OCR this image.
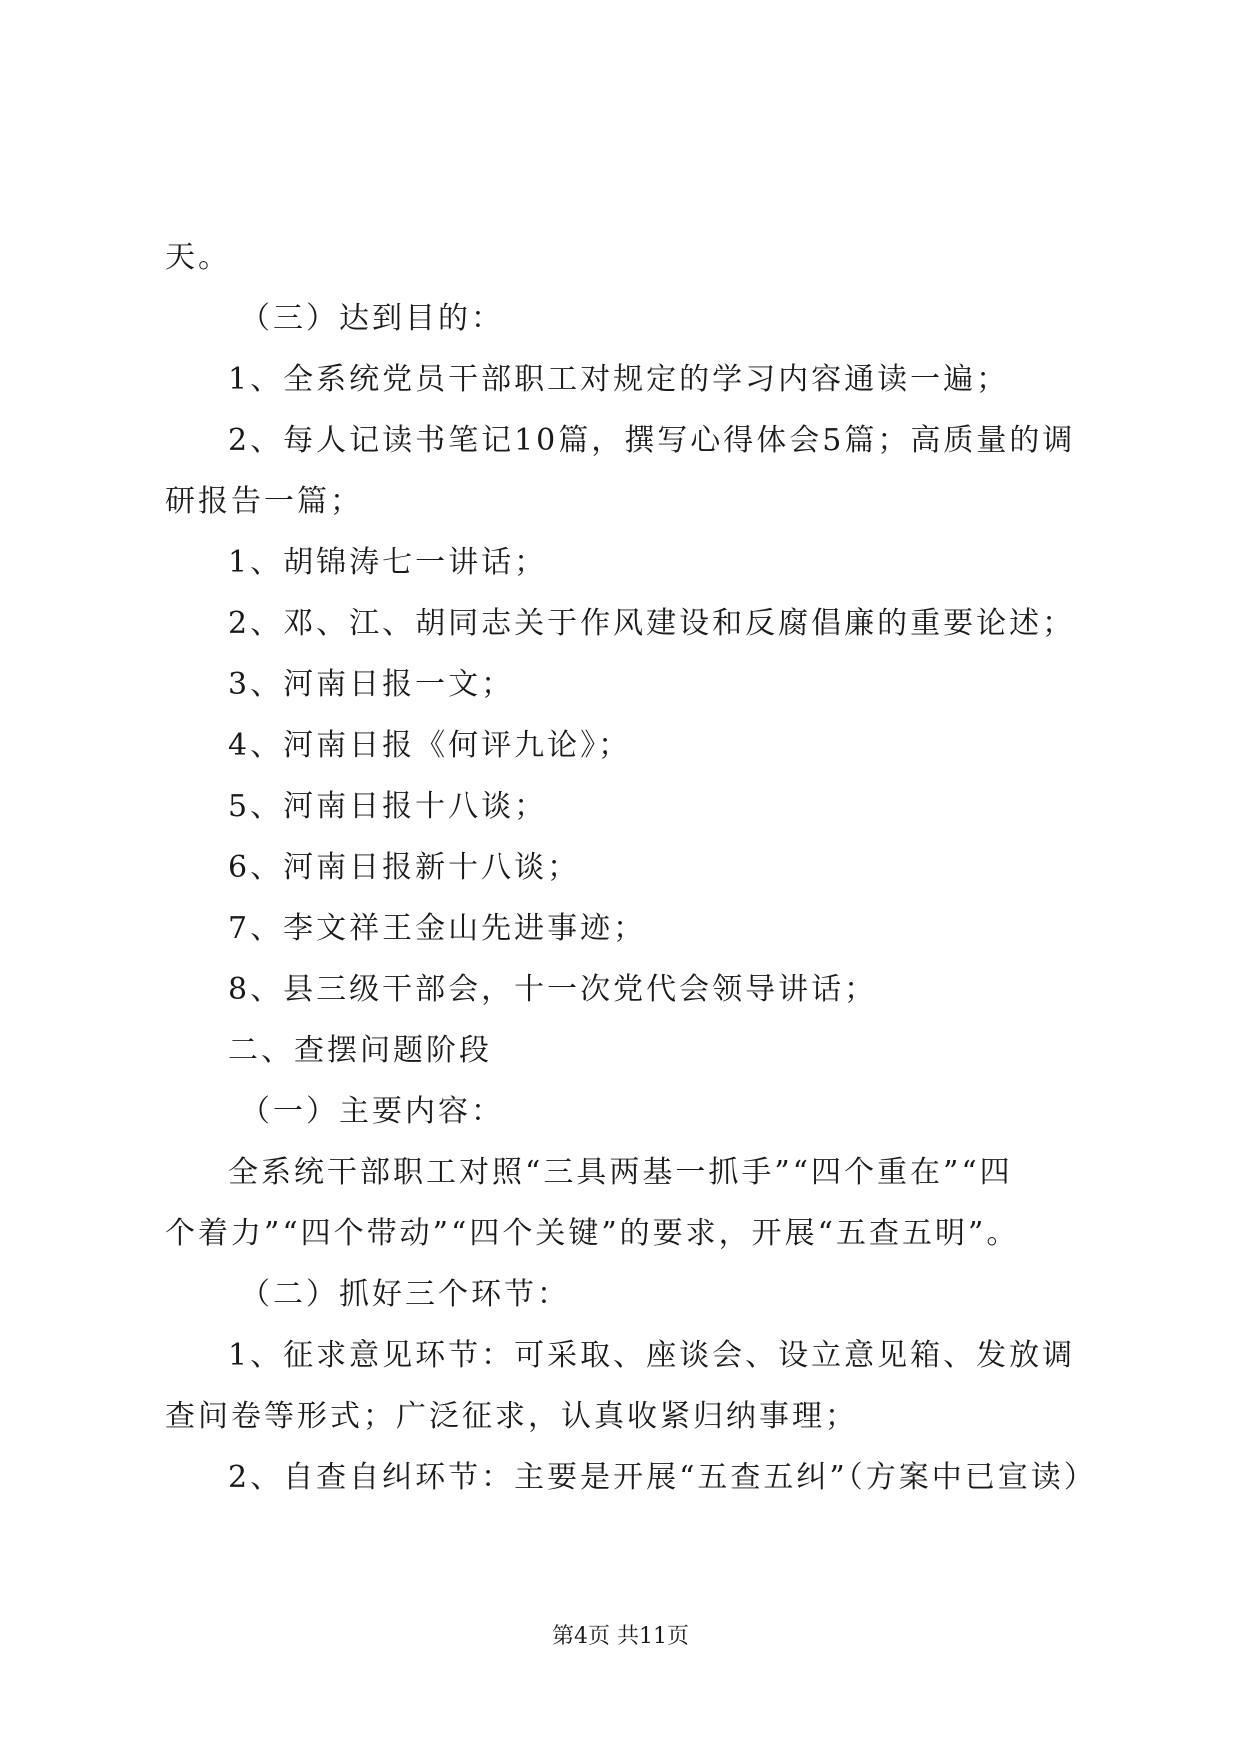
天。
（三）达到目的：
1、全系统党员干部职工对规定的学习内容通读一遍；
2、每人记读书笔记10篇，撰写心得体会5篇；高质量的调
研报告一篇；
1、胡锦涛七一讲话；
2、邓、江、胡同志关于作风建设和反腐倡廉的重要论述；
3、河南日报一文；
4、河南日报《何评九论》；
5、河南日报十八谈；
6、河南日报新十八谈；
7、李文祥王金山先进事迹；
8、县三级干部会，十一次党代会领导讲话；
二、查摆问题阶段
（一）主要内容：
全系统干部职工对照“三具两基一抓手”“四个重在”“四
个着力”“四个带动”“四个关键”的要求，开展“五查五明”。
（二）抓好三个环节：
1、征求意见环节：可采取、座谈会、设立意见箱、发放调
查问卷等形式；广泛征求，认真收紧归纳事理；
2、自查自纠环节：主要是开展“五查五纠”（方案中已宣读）
第4页 共11页
